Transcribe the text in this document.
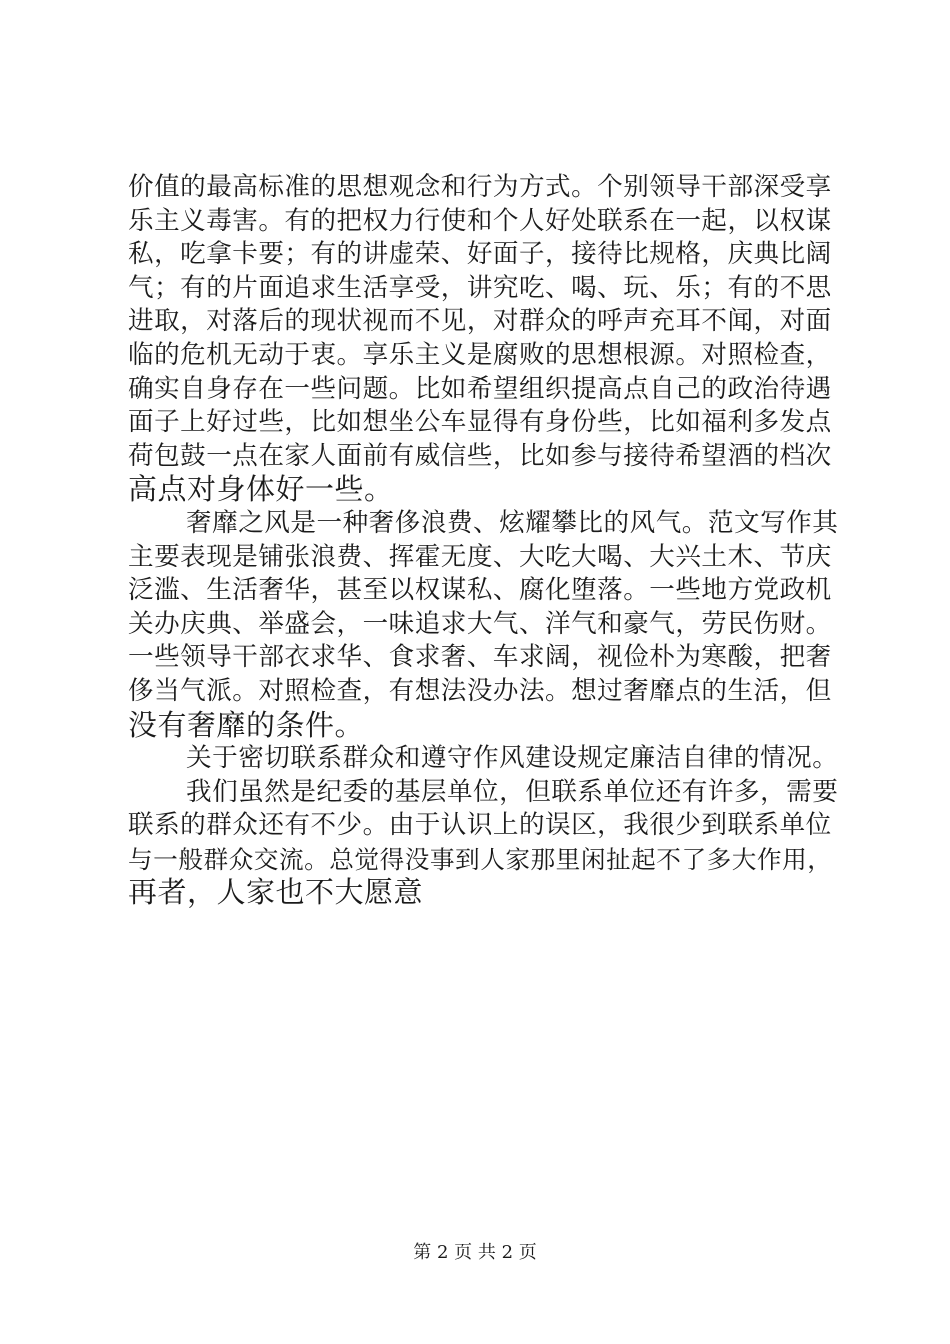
价值的最高标准的思想观念和行为方式。个别领导干部深受享
乐主义毒害。有的把权力行使和个人好处联系在一起，以权谋
私，吃拿卡要；有的讲虚荣、好面子，接待比规格，庆典比阔
气；有的片面追求生活享受，讲究吃、喝、玩、乐；有的不思
进取，对落后的现状视而不见，对群众的呼声充耳不闻，对面
临的危机无动于衷。享乐主义是腐败的思想根源。对照检查，
确实自身存在一些问题。比如希望组织提高点自己的政治待遇
面子上好过些，比如想坐公车显得有身份些，比如福利多发点
荷包鼓一点在家人面前有威信些，比如参与接待希望酒的档次
高点对身体好一些。
奢靡之风是一种奢侈浪费、炫耀攀比的风气。范文写作其
主要表现是铺张浪费、挥霍无度、大吃大喝、大兴土木、节庆
泛滥、生活奢华，甚至以权谋私、腐化堕落。一些地方党政机
关办庆典、举盛会，一味追求大气、洋气和豪气，劳民伤财。
一些领导干部衣求华、食求奢、车求阔，视俭朴为寒酸，把奢
侈当气派。对照检查，有想法没办法。想过奢靡点的生活，但
没有奢靡的条件。
关于密切联系群众和遵守作风建设规定廉洁自律的情况。
我们虽然是纪委的基层单位，但联系单位还有许多，需要
联系的群众还有不少。由于认识上的误区，我很少到联系单位
与一般群众交流。总觉得没事到人家那里闲扯起不了多大作用，
再者，人家也不大愿意
第 2 页 共 2 页
